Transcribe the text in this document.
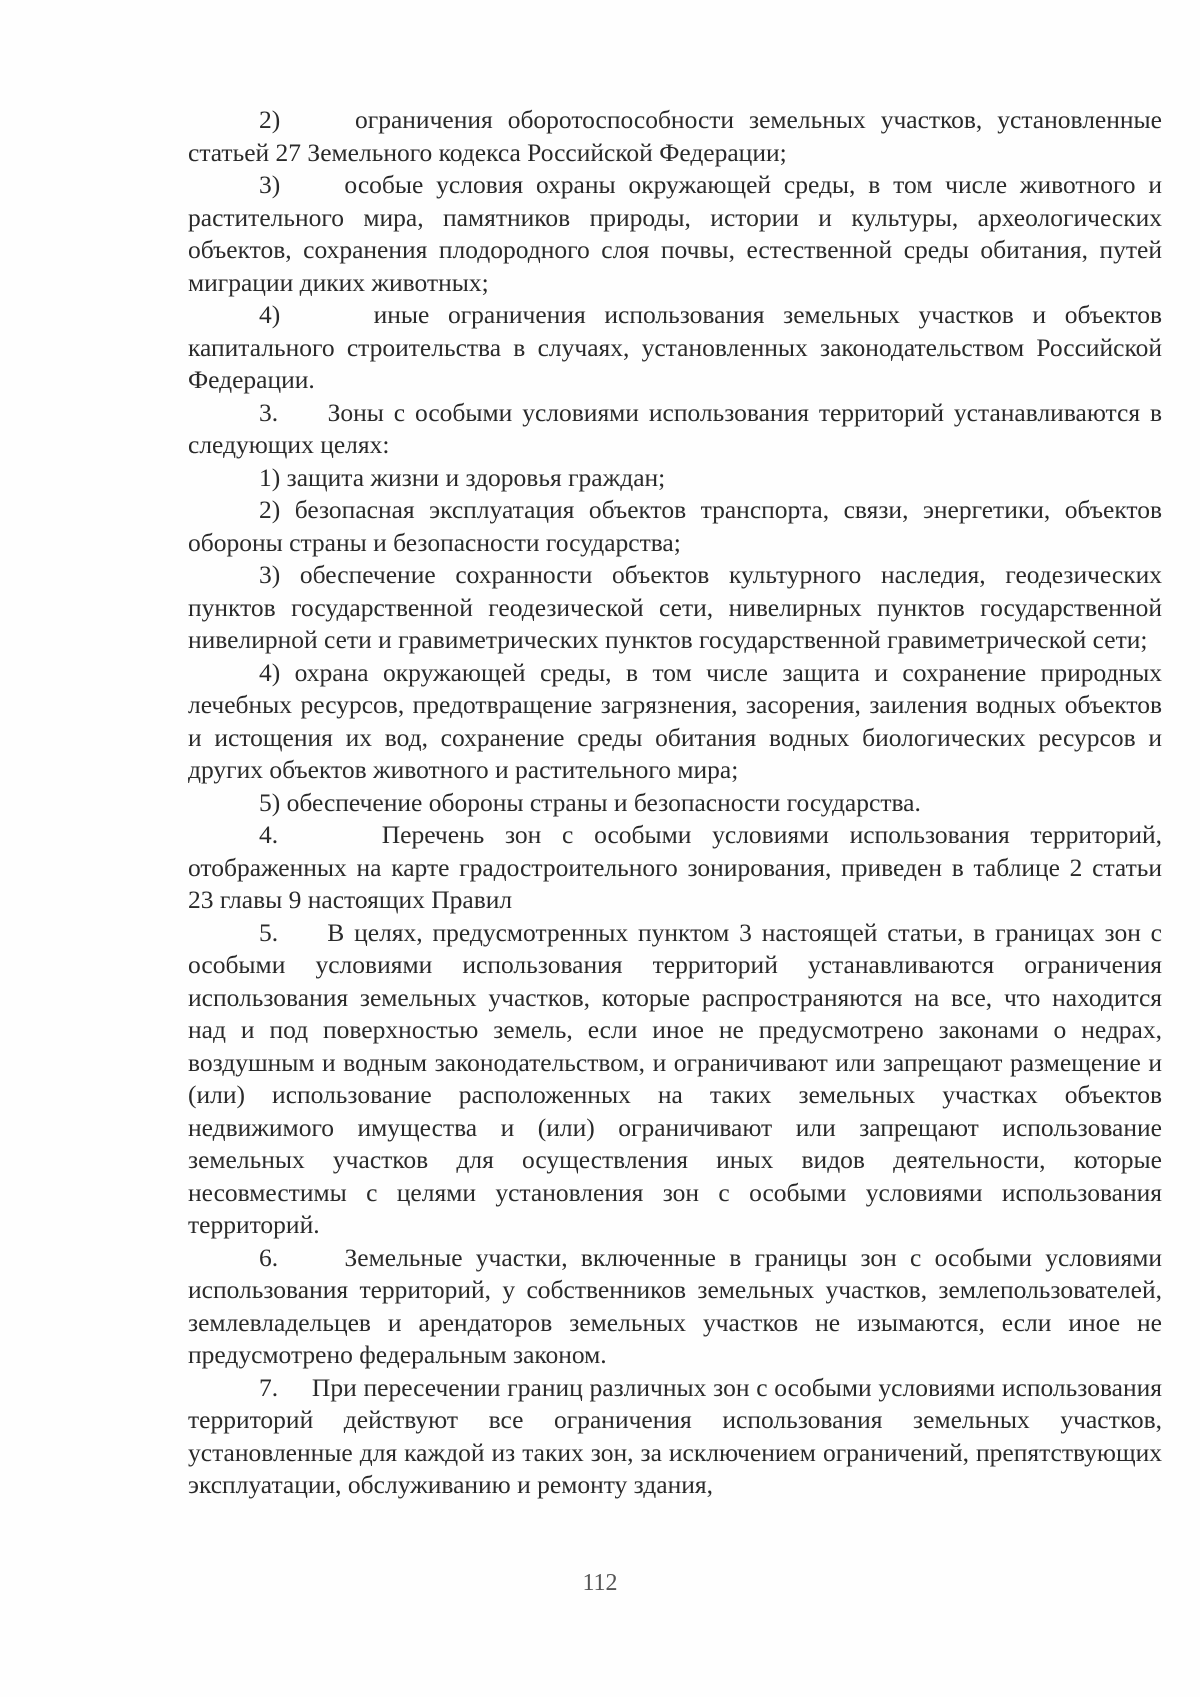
2)     ограничения оборотоспособности земельных участков, установленные статьей 27 Земельного кодекса Российской Федерации;

3)     особые условия охраны окружающей среды, в том числе животного и растительного мира, памятников природы, истории и культуры, археологических объектов, сохранения плодородного слоя почвы, естественной среды обитания, путей миграции диких животных;

4)     иные ограничения использования земельных участков и объектов капитального строительства в случаях, установленных законодательством Российской Федерации.

3.     Зоны с особыми условиями использования территорий устанавливаются в следующих целях:

1) защита жизни и здоровья граждан;

2) безопасная эксплуатация объектов транспорта, связи, энергетики, объектов обороны страны и безопасности государства;

3) обеспечение сохранности объектов культурного наследия, геодезических пунктов государственной геодезической сети, нивелирных пунктов государственной нивелирной сети и гравиметрических пунктов государственной гравиметрической сети;

4) охрана окружающей среды, в том числе защита и сохранение природных лечебных ресурсов, предотвращение загрязнения, засорения, заиления водных объектов и истощения их вод, сохранение среды обитания водных биологических ресурсов и других объектов животного и растительного мира;

5) обеспечение обороны страны и безопасности государства.

4.     Перечень зон с особыми условиями использования территорий, отображенных на карте градостроительного зонирования, приведен в таблице 2 статьи 23 главы 9 настоящих Правил

5.     В целях, предусмотренных пунктом 3 настоящей статьи, в границах зон с особыми условиями использования территорий устанавливаются ограничения использования земельных участков, которые распространяются на все, что находится над и под поверхностью земель, если иное не предусмотрено законами о недрах, воздушным и водным законодательством, и ограничивают или запрещают размещение и (или) использование расположенных на таких земельных участках объектов недвижимого имущества и (или) ограничивают или запрещают использование земельных участков для осуществления иных видов деятельности, которые несовместимы с целями установления зон с особыми условиями использования территорий.

6.     Земельные участки, включенные в границы зон с особыми условиями использования территорий, у собственников земельных участков, землепользователей, землевладельцев и арендаторов земельных участков не изымаются, если иное не предусмотрено федеральным законом.

7.     При пересечении границ различных зон с особыми условиями использования территорий действуют все ограничения использования земельных участков, установленные для каждой из таких зон, за исключением ограничений, препятствующих эксплуатации, обслуживанию и ремонту здания,

112
